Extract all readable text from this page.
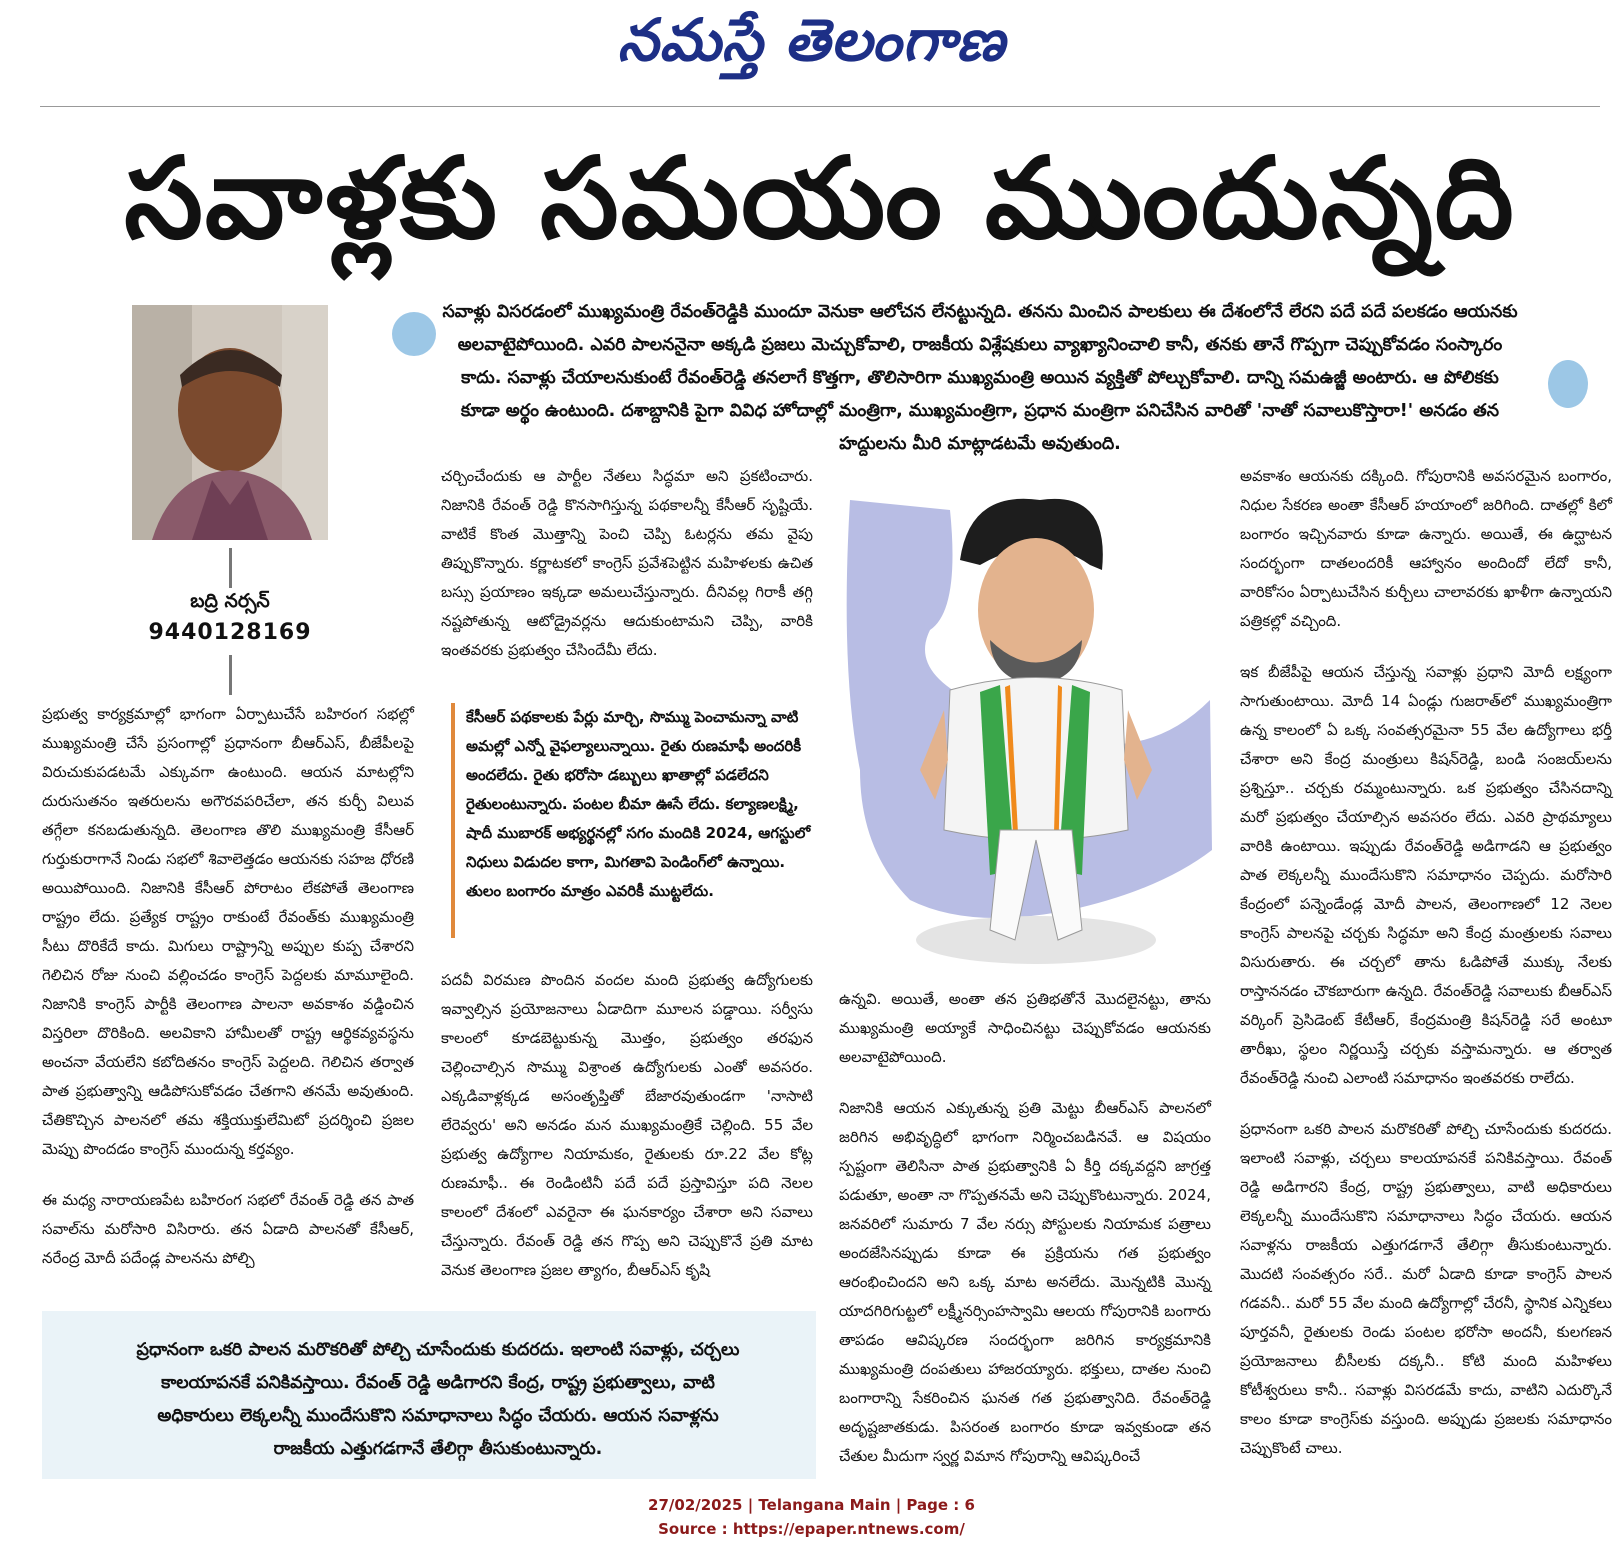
నమస్తే తెలంగాణ
సవాళ్లకు సమయం ముందున్నది
బద్రి నర్సన్
9440128169
సవాళ్లు విసరడంలో ముఖ్యమంత్రి రేవంత్‌రెడ్డికి ముందూ వెనుకా ఆలోచన లేనట్టున్నది. తనను మించిన పాలకులు ఈ దేశంలోనే లేరని పదే పదే పలకడం ఆయనకు అలవాటైపోయింది. ఎవరి పాలననైనా అక్కడి ప్రజలు మెచ్చుకోవాలి, రాజకీయ విశ్లేషకులు వ్యాఖ్యానించాలి కానీ, తనకు తానే గొప్పగా చెప్పుకోవడం సంస్కారం కాదు. సవాళ్లు చేయాలనుకుంటే రేవంత్‌రెడ్డి తనలాగే కొత్తగా, తొలిసారిగా ముఖ్యమంత్రి అయిన వ్యక్తితో పోల్చుకోవాలి. దాన్ని సమఉజ్జీ అంటారు. ఆ పోలికకు కూడా అర్థం ఉంటుంది. దశాబ్దానికి పైగా వివిధ హోదాల్లో మంత్రిగా, ముఖ్యమంత్రిగా, ప్రధాన మంత్రిగా పనిచేసిన వారితో 'నాతో సవాలుకొస్తారా!' అనడం తన హద్దులను మీరి మాట్లాడటమే అవుతుంది.

ప్రభుత్వ కార్యక్రమాల్లో భాగంగా ఏర్పాటుచేసే బహిరంగ సభల్లో ముఖ్యమంత్రి చేసే ప్రసంగాల్లో ప్రధానంగా బీఆర్‌ఎస్, బీజేపీలపై విరుచుకుపడటమే ఎక్కువగా ఉంటుంది. ఆయన మాటల్లోని దురుసుతనం ఇతరులను అగౌరవపరిచేలా, తన కుర్చీ విలువ తగ్గేలా కనబడుతున్నది. తెలంగాణ తొలి ముఖ్యమంత్రి కేసీఆర్ గుర్తుకురాగానే నిండు సభలో శివాలెత్తడం ఆయనకు సహజ ధోరణి అయిపోయింది. నిజానికి కేసీఆర్ పోరాటం లేకపోతే తెలంగాణ రాష్ట్రం లేదు. ప్రత్యేక రాష్ట్రం రాకుంటే రేవంత్‌కు ముఖ్యమంత్రి సీటు దొరికేదే కాదు. మిగులు రాష్ట్రాన్ని అప్పుల కుప్ప చేశారని గెలిచిన రోజు నుంచి వల్లించడం కాంగ్రెస్ పెద్దలకు మామూలైంది. నిజానికి కాంగ్రెస్ పార్టీకి తెలంగాణ పాలనా అవకాశం వడ్డించిన విస్తరిలా దొరికింది. అలవికాని హామీలతో రాష్ట్ర ఆర్థికవ్యవస్థను అంచనా వేయలేని కబోదితనం కాంగ్రెస్ పెద్దలది. గెలిచిన తర్వాత పాత ప్రభుత్వాన్ని ఆడిపోసుకోవడం చేతగాని తనమే అవుతుంది. చేతికొచ్చిన పాలనలో తమ శక్తియుక్తులేమిటో ప్రదర్శించి ప్రజల మెప్పు పొందడం కాంగ్రెస్ ముందున్న కర్తవ్యం.

ఈ మధ్య నారాయణపేట బహిరంగ సభలో రేవంత్ రెడ్డి తన పాత సవాల్‌ను మరోసారి విసిరారు. తన ఏడాది పాలనతో కేసీఆర్, నరేంద్ర మోదీ పదేండ్ల పాలనను పోల్చి

చర్చించేందుకు ఆ పార్టీల నేతలు సిద్ధమా అని ప్రకటించారు. నిజానికి రేవంత్ రెడ్డి కొనసాగిస్తున్న పథకాలన్నీ కేసీఆర్ సృష్టియే. వాటికే కొంత మొత్తాన్ని పెంచి చెప్పి ఓటర్లను తమ వైపు తిప్పుకొన్నారు. కర్ణాటకలో కాంగ్రెస్ ప్రవేశపెట్టిన మహిళలకు ఉచిత బస్సు ప్రయాణం ఇక్కడా అమలుచేస్తున్నారు. దీనివల్ల గిరాకీ తగ్గి నష్టపోతున్న ఆటోడ్రైవర్లను ఆదుకుంటామని చెప్పి, వారికి ఇంతవరకు ప్రభుత్వం చేసిందేమీ లేదు.

కేసీఆర్ పథకాలకు పేర్లు మార్చి, సొమ్ము పెంచామన్నా వాటి అమల్లో ఎన్నో వైఫల్యాలున్నాయి. రైతు రుణమాఫీ అందరికీ అందలేదు. రైతు భరోసా డబ్బులు ఖాతాల్లో పడలేదని రైతులంటున్నారు. పంటల బీమా ఊసే లేదు. కల్యాణలక్ష్మి, షాదీ ముబారక్ అభ్యర్థనల్లో సగం మందికి 2024, ఆగస్టులో నిధులు విడుదల కాగా, మిగతావి పెండింగ్‌లో ఉన్నాయి. తులం బంగారం మాత్రం ఎవరికీ ముట్టలేదు.

పదవీ విరమణ పొందిన వందల మంది ప్రభుత్వ ఉద్యోగులకు ఇవ్వాల్సిన ప్రయోజనాలు ఏడాదిగా మూలన పడ్డాయి. సర్వీసు కాలంలో కూడబెట్టుకున్న మొత్తం, ప్రభుత్వం తరఫున చెల్లించాల్సిన సొమ్ము విశ్రాంత ఉద్యోగులకు ఎంతో అవసరం. ఎక్కడివాళ్లక్కడ అసంతృప్తితో బేజారవుతుండగా 'నాసాటి లేరెవ్వరు' అని అనడం మన ముఖ్యమంత్రికే చెల్లింది. 55 వేల ప్రభుత్వ ఉద్యోగాల నియామకం, రైతులకు రూ.22 వేల కోట్ల రుణమాఫీ.. ఈ రెండింటినీ పదే పదే ప్రస్తావిస్తూ పది నెలల కాలంలో దేశంలో ఎవరైనా ఈ ఘనకార్యం చేశారా అని సవాలు చేస్తున్నారు. రేవంత్ రెడ్డి తన గొప్ప అని చెప్పుకొనే ప్రతి మాట వెనుక తెలంగాణ ప్రజల త్యాగం, బీఆర్‌ఎస్ కృషి

ఉన్నవి. అయితే, అంతా తన ప్రతిభతోనే మొదలైనట్టు, తాను ముఖ్యమంత్రి అయ్యాకే సాధించినట్టు చెప్పుకోవడం ఆయనకు అలవాటైపోయింది.

నిజానికి ఆయన ఎక్కుతున్న ప్రతి మెట్టు బీఆర్‌ఎస్ పాలనలో జరిగిన అభివృద్ధిలో భాగంగా నిర్మించబడినవే. ఆ విషయం స్పష్టంగా తెలిసినా పాత ప్రభుత్వానికి ఏ కీర్తి దక్కవద్దని జాగ్రత్త పడుతూ, అంతా నా గొప్పతనమే అని చెప్పుకొంటున్నారు. 2024, జనవరిలో సుమారు 7 వేల నర్సు పోస్టులకు నియామక పత్రాలు అందజేసినప్పుడు కూడా ఈ ప్రక్రియను గత ప్రభుత్వం ఆరంభించిందని అని ఒక్క మాట అనలేదు. మొన్నటికి మొన్న యాదగిరిగుట్టలో లక్ష్మీనర్సింహస్వామి ఆలయ గోపురానికి బంగారు తాపడం ఆవిష్కరణ సందర్భంగా జరిగిన కార్యక్రమానికి ముఖ్యమంత్రి దంపతులు హాజరయ్యారు. భక్తులు, దాతల నుంచి బంగారాన్ని సేకరించిన ఘనత గత ప్రభుత్వానిది. రేవంత్‌రెడ్డి అదృష్టజాతకుడు. పిసరంత బంగారం కూడా ఇవ్వకుండా తన చేతుల మీదుగా స్వర్ణ విమాన గోపురాన్ని ఆవిష్కరించే

అవకాశం ఆయనకు దక్కింది. గోపురానికి అవసరమైన బంగారం, నిధుల సేకరణ అంతా కేసీఆర్ హయాంలో జరిగింది. దాతల్లో కిలో బంగారం ఇచ్చినవారు కూడా ఉన్నారు. అయితే, ఈ ఉద్ఘాటన సందర్భంగా దాతలందరికీ ఆహ్వానం అందిందో లేదో కానీ, వారికోసం ఏర్పాటుచేసిన కుర్చీలు చాలావరకు ఖాళీగా ఉన్నాయని పత్రికల్లో వచ్చింది.

ఇక బీజేపీపై ఆయన చేస్తున్న సవాళ్లు ప్రధాని మోదీ లక్ష్యంగా సాగుతుంటాయి. మోదీ 14 ఏండ్లు గుజరాత్‌లో ముఖ్యమంత్రిగా ఉన్న కాలంలో ఏ ఒక్క సంవత్సరమైనా 55 వేల ఉద్యోగాలు భర్తీ చేశారా అని కేంద్ర మంత్రులు కిషన్‌రెడ్డి, బండి సంజయ్‌లను ప్రశ్నిస్తూ.. చర్చకు రమ్మంటున్నారు. ఒక ప్రభుత్వం చేసినదాన్ని మరో ప్రభుత్వం చేయాల్సిన అవసరం లేదు. ఎవరి ప్రాథమ్యాలు వారికి ఉంటాయి. ఇప్పుడు రేవంత్‌రెడ్డి అడిగాడని ఆ ప్రభుత్వం పాత లెక్కలన్నీ ముందేసుకొని సమాధానం చెప్పదు. మరోసారి కేంద్రంలో పన్నెండేండ్ల మోదీ పాలన, తెలంగాణలో 12 నెలల కాంగ్రెస్ పాలనపై చర్చకు సిద్ధమా అని కేంద్ర మంత్రులకు సవాలు విసురుతారు. ఈ చర్చలో తాను ఓడిపోతే ముక్కు నేలకు రాస్తాననడం చౌకబారుగా ఉన్నది. రేవంత్‌రెడ్డి సవాలుకు బీఆర్‌ఎస్ వర్కింగ్ ప్రెసిడెంట్ కేటీఆర్, కేంద్రమంత్రి కిషన్‌రెడ్డి సరే అంటూ తారీఖు, స్థలం నిర్ణయిస్తే చర్చకు వస్తామన్నారు. ఆ తర్వాత రేవంత్‌రెడ్డి నుంచి ఎలాంటి సమాధానం ఇంతవరకు రాలేదు.

ప్రధానంగా ఒకరి పాలన మరొకరితో పోల్చి చూసేందుకు కుదరదు. ఇలాంటి సవాళ్లు, చర్చలు కాలయాపనకే పనికివస్తాయి. రేవంత్ రెడ్డి అడిగారని కేంద్ర, రాష్ట్ర ప్రభుత్వాలు, వాటి అధికారులు లెక్కలన్నీ ముందేసుకొని సమాధానాలు సిద్ధం చేయరు. ఆయన సవాళ్లను రాజకీయ ఎత్తుగడగానే తేలిగ్గా తీసుకుంటున్నారు. మొదటి సంవత్సరం సరే.. మరో ఏడాది కూడా కాంగ్రెస్ పాలన గడవనీ.. మరో 55 వేల మంది ఉద్యోగాల్లో చేరనీ, స్థానిక ఎన్నికలు పూర్తవనీ, రైతులకు రెండు పంటల భరోసా అందనీ, కులగణన ప్రయోజనాలు బీసీలకు దక్కనీ.. కోటి మంది మహిళలు కోటీశ్వరులు కానీ.. సవాళ్లు విసరడమే కాదు, వాటిని ఎదుర్కొనే కాలం కూడా కాంగ్రెస్‌కు వస్తుంది. అప్పుడు ప్రజలకు సమాధానం చెప్పుకొంటే చాలు.

ప్రధానంగా ఒకరి పాలన మరొకరితో పోల్చి చూసేందుకు కుదరదు. ఇలాంటి సవాళ్లు, చర్చలు కాలయాపనకే పనికివస్తాయి. రేవంత్ రెడ్డి అడిగారని కేంద్ర, రాష్ట్ర ప్రభుత్వాలు, వాటి అధికారులు లెక్కలన్నీ ముందేసుకొని సమాధానాలు సిద్ధం చేయరు. ఆయన సవాళ్లను రాజకీయ ఎత్తుగడగానే తేలిగ్గా తీసుకుంటున్నారు.
27/02/2025 | Telangana Main | Page : 6
Source : https://epaper.ntnews.com/
